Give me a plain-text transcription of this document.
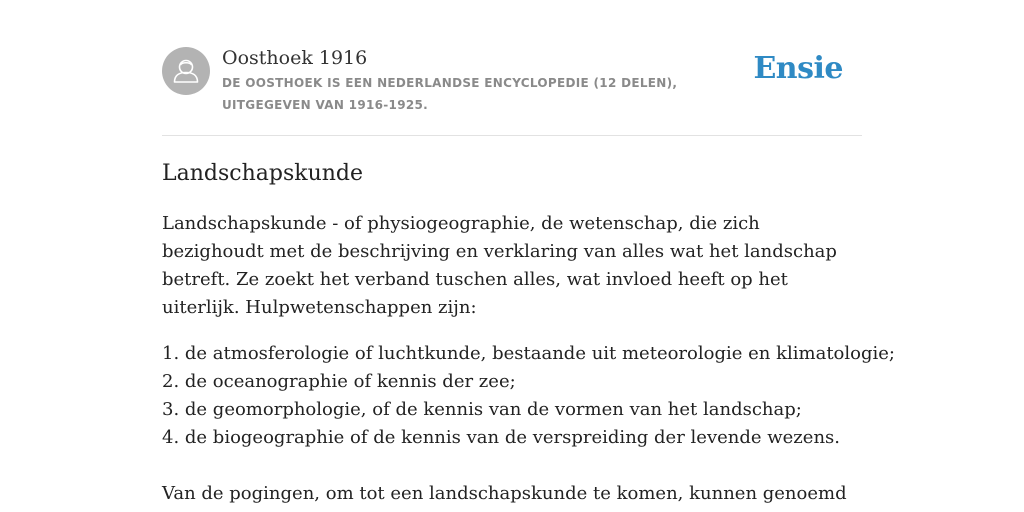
Oosthoek 1916
DE OOSTHOEK IS EEN NEDERLANDSE ENCYCLOPEDIE (12 DELEN), UITGEGEVEN VAN 1916-1925.
Ensie
Landschapskunde

Landschapskunde - of physiogeographie, de wetenschap, die zich bezighoudt met de beschrijving en verklaring van alles wat het landschap betreft. Ze zoekt het verband tuschen alles, wat invloed heeft op het uiterlijk. Hulpwetenschappen zijn:

1. de atmosferologie of luchtkunde, bestaande uit meteorologie en klimatologie;
2. de oceanographie of kennis der zee;
3. de geomorphologie, of de kennis van de vormen van het landschap;
4. de biogeographie of de kennis van de verspreiding der levende wezens.

Van de pogingen, om tot een landschapskunde te komen, kunnen genoemd
